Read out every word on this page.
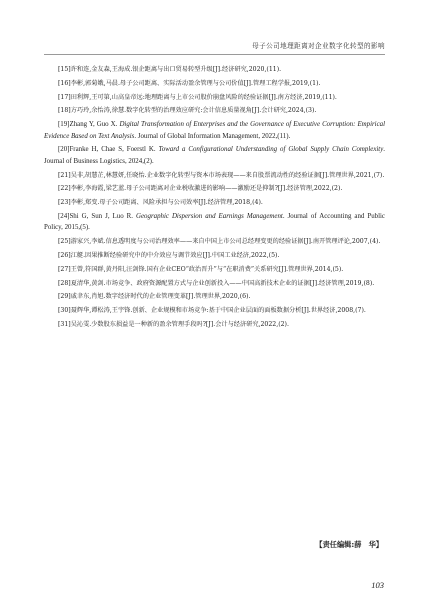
母子公司地理距离对企业数字化转型的影响

[15]许和连,金友森,王海成.银企距离与出口贸易转型升级[J].经济研究,2020,(11).

[16]李彬,郭菊娥,马晨.母子公司距离、实际活动盈余管理与公司价值[J].管理工程学报,2019,(1).

[17]田利辉,王可第,山高皇帝远:地理距离与上市公司股价崩盘风险的经验证据[J].南方经济,2019,(11).

[18]方巧玲,余怡涛,徐慧.数字化转型的治理效应研究:会计信息质量视角[J].会计研究,2024,(3).

[19]Zhang Y, Guo X. Digital Transformation of Enterprises and the Governance of Executive Corruption: Empirical Evidence Based on Text Analysis. Journal of Global Information Management, 2022,(11).

[20]Franke H, Chae S, Foerstl K. Toward a Configurational Understanding of Global Supply Chain Complexity. Journal of Business Logistics, 2024,(2).

[21]吴非,胡慧芷,林慧妍,任晓怡.企业数字化转型与资本市场表现——来自股票流动性的经验证据[J].管理世界,2021,(7).

[22]李彬,李海霞,梁艺蓝.母子公司距离对企业税收激进的影响——激励还是抑制?[J].经济管理,2022,(2).

[23]李彬,郑变.母子公司距离、风险承担与公司效率[J].经济管理,2018,(4).

[24]Shi G, Sun J, Luo R. Geographic Dispersion and Earnings Management. Journal of Accounting and Public Policy, 2015,(5).

[25]游家兴,李斌.信息透明度与公司治理效率——来自中国上市公司总经理变更的经验证据[J].南开管理评论,2007,(4).

[26]江艇.因果推断经验研究中的中介效应与调节效应[J].中国工业经济,2022,(5).

[27]王曾,符国群,黄丹阳,汪剑锋.国有企业CEO“政治晋升”与“在职消费”关系研究[J].管理世界,2014,(5).

[28]夏清华,黄剑.市场竞争、政府资源配置方式与企业创新投入——中国高新技术企业的证据[J].经济管理,2019,(8).

[29]戚聿东,肖旭.数字经济时代的企业管理变革[J].管理世界,2020,(6).

[30]聂辉华,谭松涛,王宇锋.创新、企业规模和市场竞争:基于中国企业层面的面板数据分析[J].世界经济,2008,(7).

[31]吴沁雯.少数股东损益是一种新的盈余管理手段吗?[J].会计与经济研究,2022,(2).

【责任编辑:薛　华】
103
